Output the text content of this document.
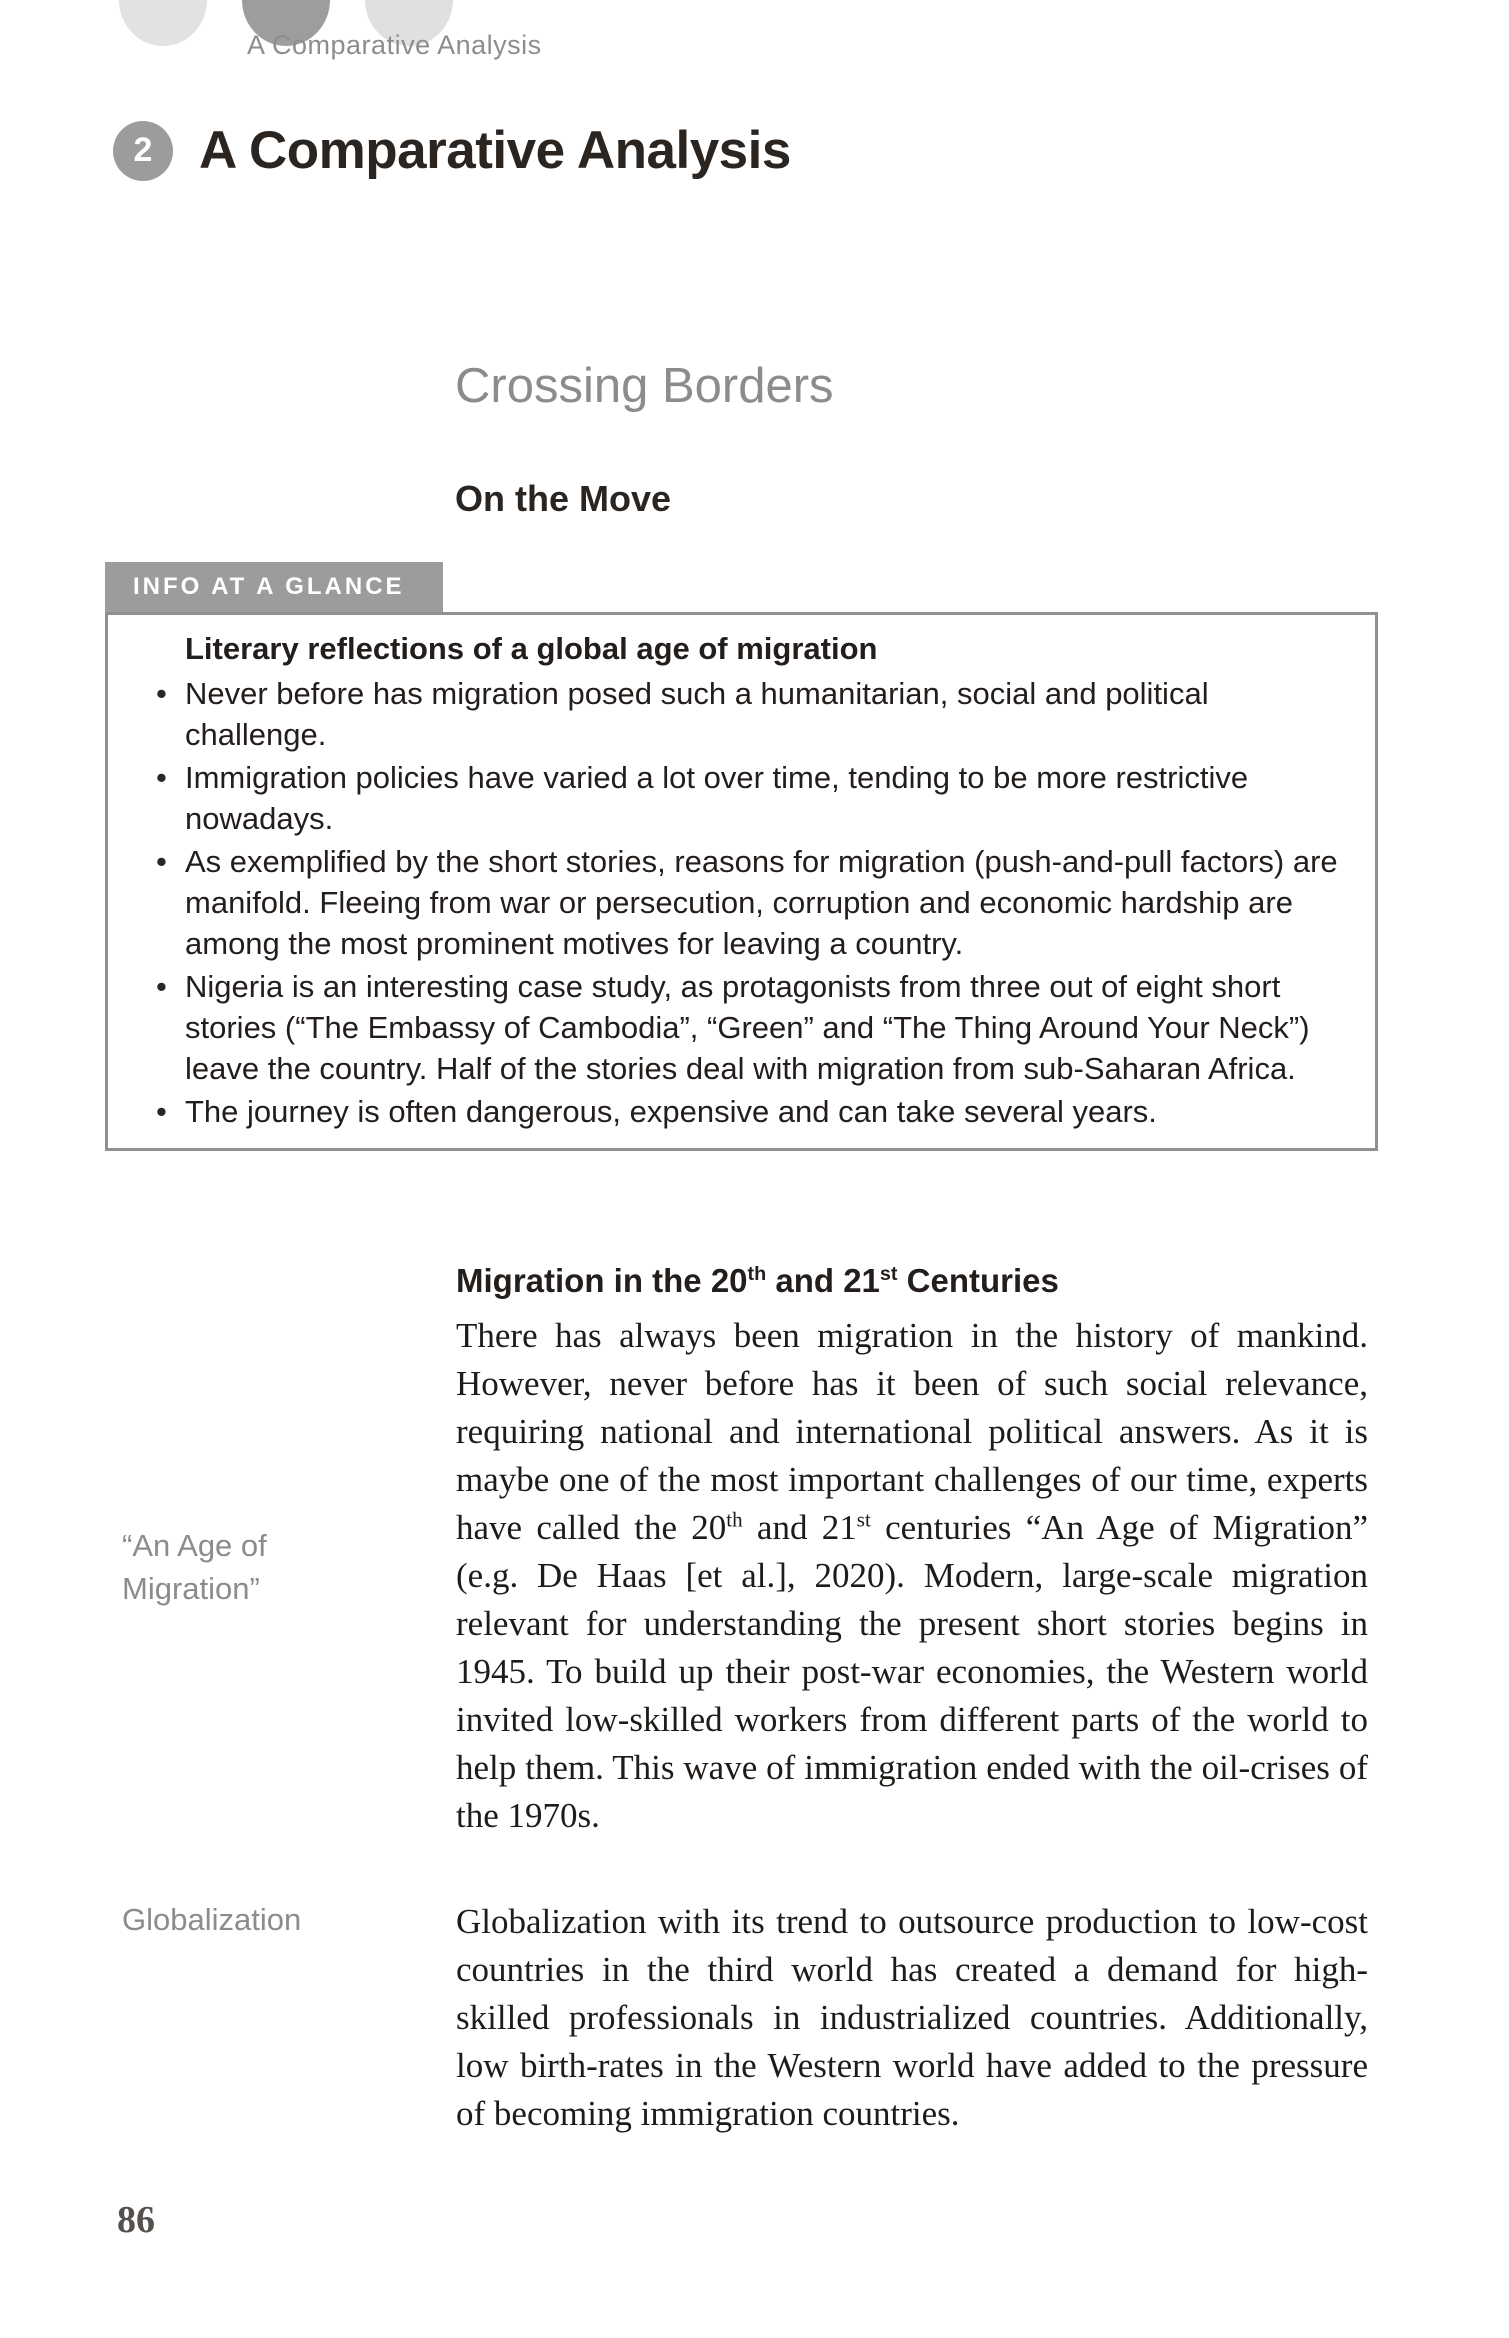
A Comparative Analysis
2 A Comparative Analysis
Crossing Borders
On the Move
INFO AT A GLANCE

Literary reflections of a global age of migration

• Never before has migration posed such a humanitarian, social and political challenge.
• Immigration policies have varied a lot over time, tending to be more restrictive nowadays.
• As exemplified by the short stories, reasons for migration (push-and-pull factors) are manifold. Fleeing from war or persecution, corruption and economic hardship are among the most prominent motives for leaving a country.
• Nigeria is an interesting case study, as protagonists from three out of eight short stories (“The Embassy of Cambodia”, “Green” and “The Thing Around Your Neck”) leave the country. Half of the stories deal with migration from sub-Saharan Africa.
• The journey is often dangerous, expensive and can take several years.
Migration in the 20th and 21st Centuries
“An Age of Migration”
There has always been migration in the history of mankind. However, never before has it been of such social relevance, requiring national and international political answers. As it is maybe one of the most important challenges of our time, experts have called the 20th and 21st centuries “An Age of Migration” (e.g. De Haas [et al.], 2020). Modern, large-scale migration relevant for understanding the present short stories begins in 1945. To build up their post-war economies, the Western world invited low-skilled workers from different parts of the world to help them. This wave of immigration ended with the oil-crises of the 1970s.
Globalization	Globalization with its trend to outsource production to low-cost countries in the third world has created a demand for high-skilled professionals in industrialized countries. Additionally, low birth-rates in the Western world have added to the pressure of becoming immigration countries.
86
